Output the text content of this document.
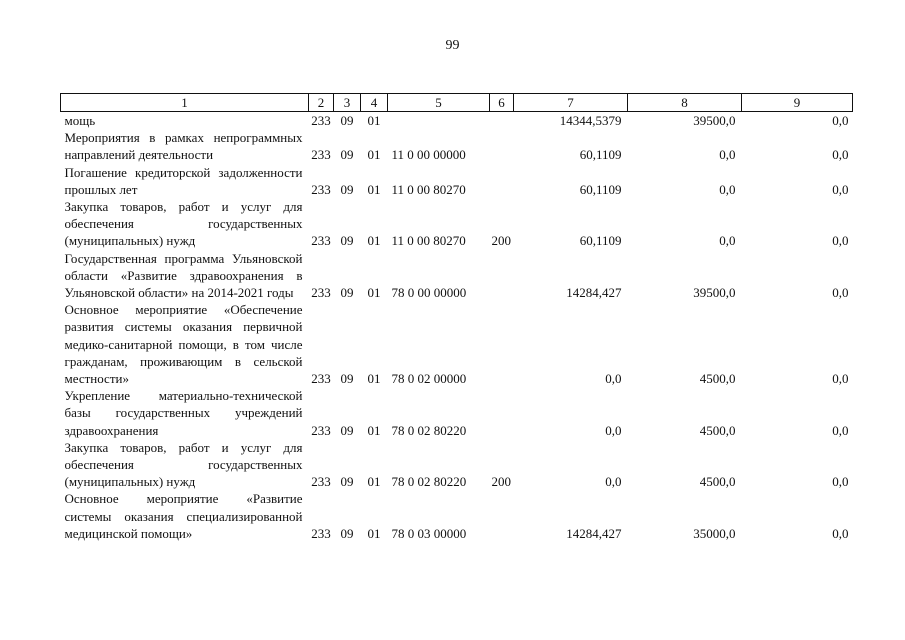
99
1	2	3	4	5	6	7	8	9
мощь	233	09	01			14344,5379	39500,0	0,0
Мероприятия в рамках непрограммных направлений деятельности	233	09	01	11 0 00 00000		60,1109	0,0	0,0
Погашение кредиторской задолженности прошлых лет	233	09	01	11 0 00 80270		60,1109	0,0	0,0
Закупка товаров, работ и услуг для обеспечения государственных (муниципальных) нужд	233	09	01	11 0 00 80270	200	60,1109	0,0	0,0
Государственная программа Ульяновской области «Развитие здравоохранения в Ульяновской области» на 2014-2021 годы	233	09	01	78 0 00 00000		14284,427	39500,0	0,0
Основное мероприятие «Обеспечение развития системы оказания первичной медико-санитарной помощи, в том числе гражданам, проживающим в сельской местности»	233	09	01	78 0 02 00000		0,0	4500,0	0,0
Укрепление материально-технической базы государственных учреждений здравоохранения	233	09	01	78 0 02 80220		0,0	4500,0	0,0
Закупка товаров, работ и услуг для обеспечения государственных (муниципальных) нужд	233	09	01	78 0 02 80220	200	0,0	4500,0	0,0
Основное мероприятие «Развитие системы оказания специализированной медицинской помощи»	233	09	01	78 0 03 00000		14284,427	35000,0	0,0
